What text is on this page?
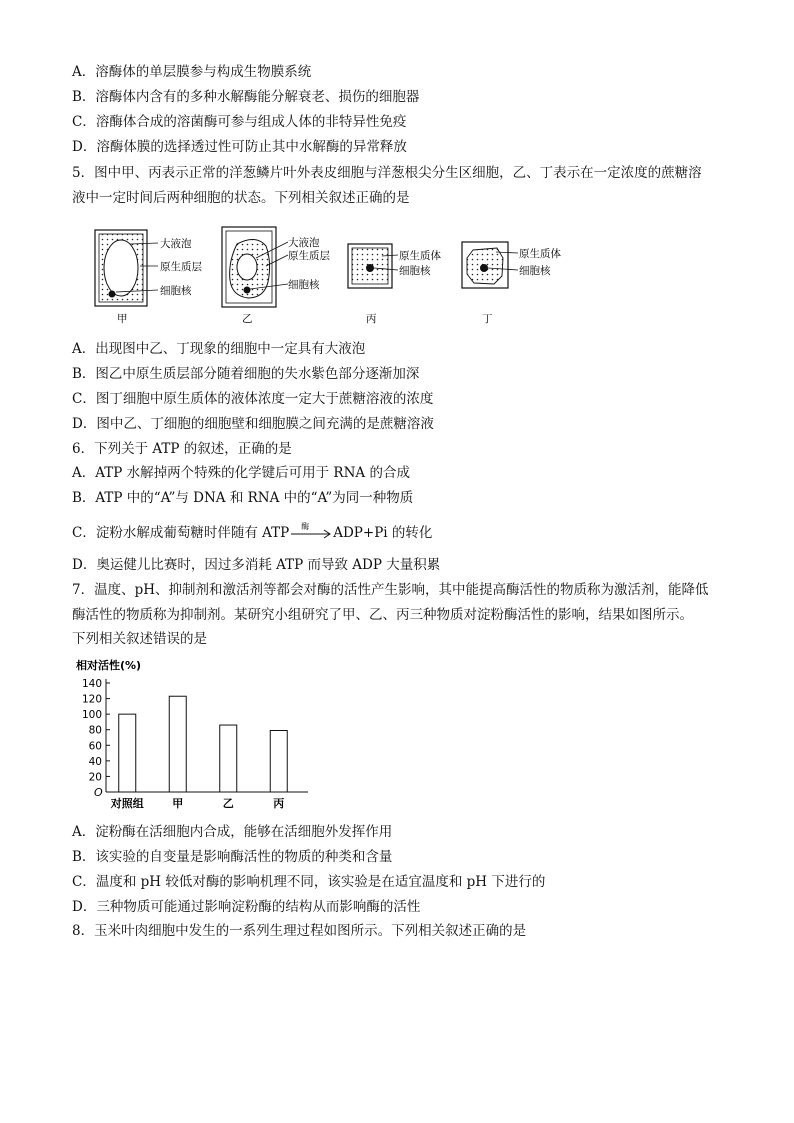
A．溶酶体的单层膜参与构成生物膜系统
B．溶酶体内含有的多种水解酶能分解衰老、损伤的细胞器
C．溶酶体合成的溶菌酶可参与组成人体的非特异性免疫
D．溶酶体膜的选择透过性可防止其中水解酶的异常释放
5．图中甲、丙表示正常的洋葱鳞片叶外表皮细胞与洋葱根尖分生区细胞，乙、丁表示在一定浓度的蔗糖溶
液中一定时间后两种细胞的状态。下列相关叙述正确的是
大液泡
原生质层
细胞核
甲
大液泡
原生质层
细胞核
乙
原生质体
细胞核
丙
原生质体
细胞核
丁
A．出现图中乙、丁现象的细胞中一定具有大液泡
B．图乙中原生质层部分随着细胞的失水紫色部分逐渐加深
C．图丁细胞中原生质体的液体浓度一定大于蔗糖溶液的浓度
D．图中乙、丁细胞的细胞壁和细胞膜之间充满的是蔗糖溶液
6．下列关于 ATP 的叙述，正确的是
A．ATP 水解掉两个特殊的化学键后可用于 RNA 的合成
B．ATP 中的“A”与 DNA 和 RNA 中的“A”为同一种物质
C．淀粉水解成葡萄糖时伴随有 ATP 酶 ADP+Pi 的转化
D．奥运健儿比赛时，因过多消耗 ATP 而导致 ADP 大量积累
7．温度、pH、抑制剂和激活剂等都会对酶的活性产生影响，其中能提高酶活性的物质称为激活剂，能降低
酶活性的物质称为抑制剂。某研究小组研究了甲、乙、丙三种物质对淀粉酶活性的影响，结果如图所示。
下列相关叙述错误的是
相对活性(%)
20
40
60
80
100
120
140
对照组	甲	乙	丙
O
A．淀粉酶在活细胞内合成，能够在活细胞外发挥作用
B．该实验的自变量是影响酶活性的物质的种类和含量
C．温度和 pH 较低对酶的影响机理不同，该实验是在适宜温度和 pH 下进行的
D．三种物质可能通过影响淀粉酶的结构从而影响酶的活性
8．玉米叶肉细胞中发生的一系列生理过程如图所示。下列相关叙述正确的是
